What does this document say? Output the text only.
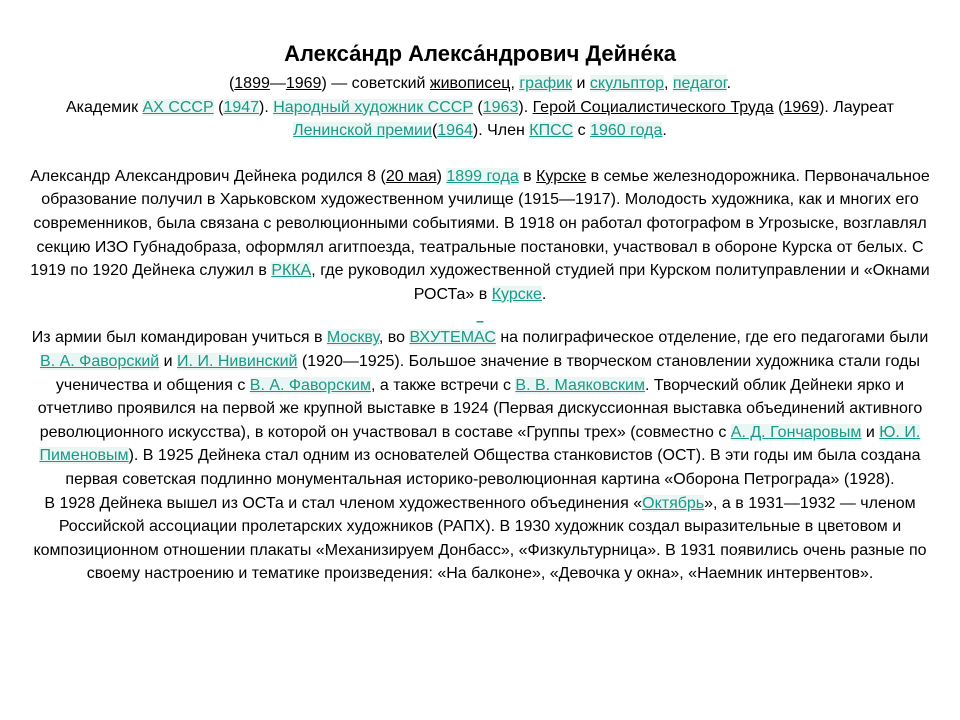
Алекса́ндр Алекса́ндрович Дейне́ка

(1899—1969) — советский живописец, график и скульптор, педагог.
Академик АХ СССР (1947). Народный художник СССР (1963). Герой Социалистического Труда (1969). Лауреат Ленинской премии(1964). Член КПСС с 1960 года.

Александр Александрович Дейнека родился 8 (20 мая) 1899 года в Курске в семье железнодорожника. Первоначальное образование получил в Харьковском художественном училище (1915—1917). Молодость художника, как и многих его современников, была связана с революционными событиями. В 1918 он работал фотографом в Угрозыске, возглавлял секцию ИЗО Губнадобраза, оформлял агитпоезда, театральные постановки, участвовал в обороне Курска от белых. С 1919 по 1920 Дейнека служил в РККА, где руководил художественной студией при Курском политуправлении и «Окнами РОСТа» в Курске.

_

Из армии был командирован учиться в Москву, во ВХУТЕМАС на полиграфическое отделение, где его педагогами были В. А. Фаворский и И. И. Нивинский (1920—1925). Большое значение в творческом становлении художника стали годы ученичества и общения с В. А. Фаворским, а также встречи с В. В. Маяковским. Творческий облик Дейнеки ярко и отчетливо проявился на первой же крупной выставке в 1924 (Первая дискуссионная выставка объединений активного революционного искусства), в которой он участвовал в составе «Группы трех» (совместно с А. Д. Гончаровым и Ю. И. Пименовым). В 1925 Дейнека стал одним из основателей Общества станковистов (ОСТ). В эти годы им была создана первая советская подлинно монументальная историко-революционная картина «Оборона Петрограда» (1928).

В 1928 Дейнека вышел из ОСТа и стал членом художественного объединения «Октябрь», а в 1931—1932 — членом Российской ассоциации пролетарских художников (РАПХ). В 1930 художник создал выразительные в цветовом и композиционном отношении плакаты «Механизируем Донбасс», «Физкультурница». В 1931 появились очень разные по своему настроению и тематике произведения: «На балконе», «Девочка у окна», «Наемник интервентов».
